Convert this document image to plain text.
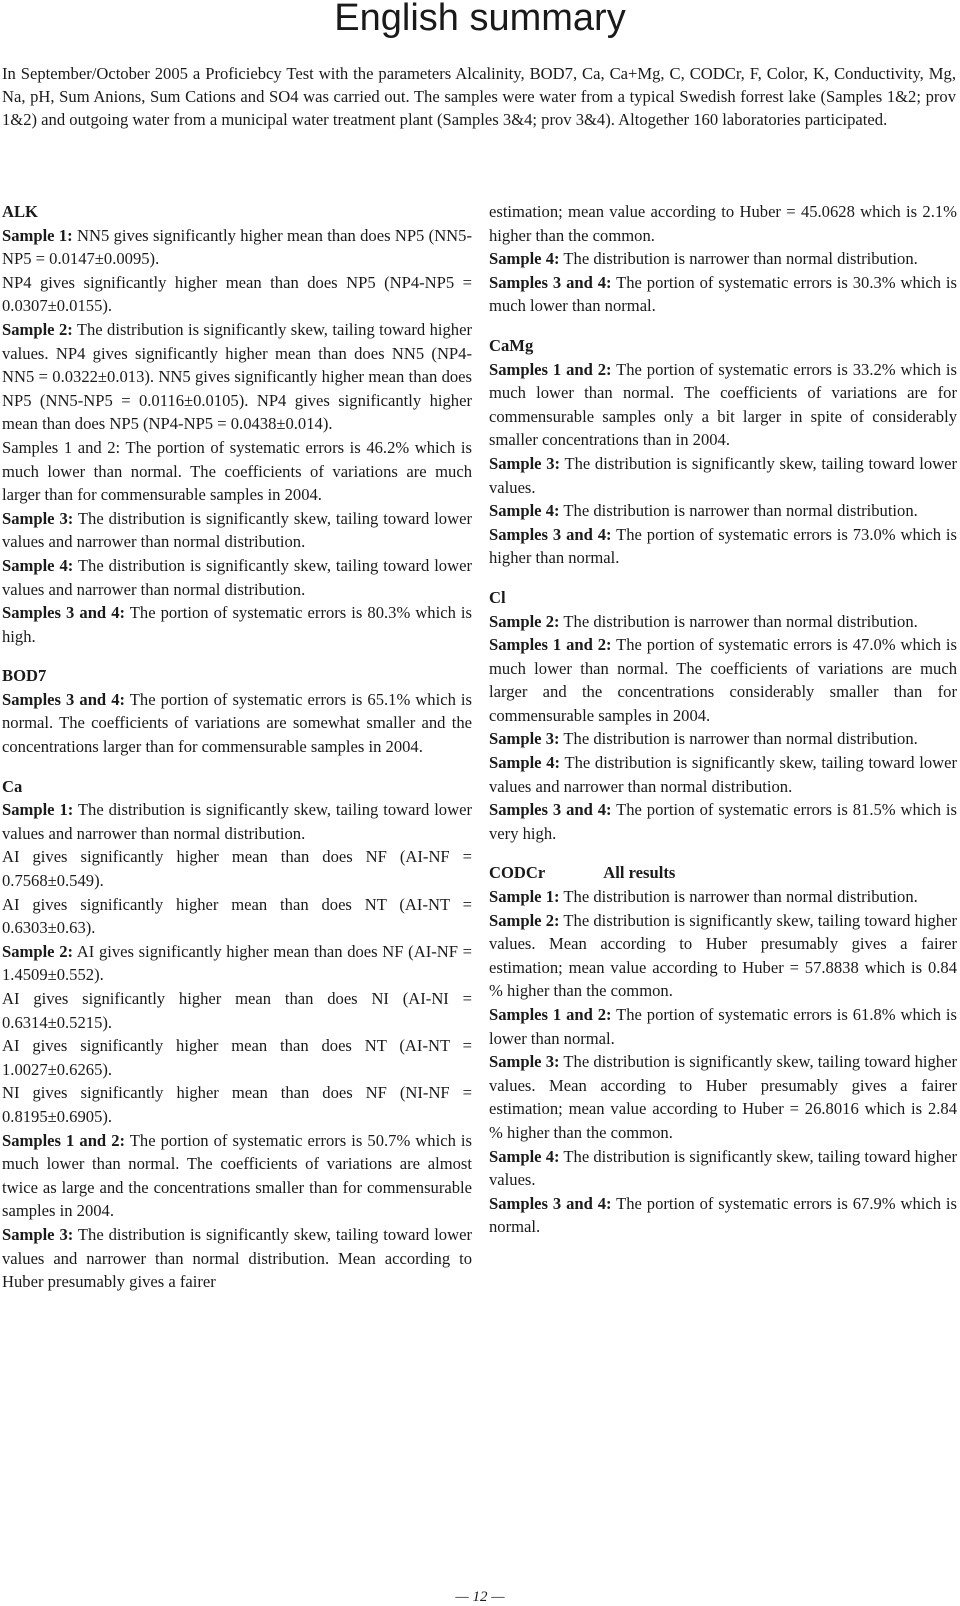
English summary

In September/October 2005 a Proficiebcy Test with the parameters Alcalinity, BOD7, Ca, Ca+Mg, C, CODCr, F, Color, K, Conductivity, Mg, Na, pH, Sum Anions, Sum Cations and SO4 was carried out. The samples were water from a typical Swedish forrest lake (Samples 1&2; prov 1&2) and outgoing water from a municipal water treatment plant (Samples 3&4; prov 3&4). Altogether 160 laboratories participated.

ALK

Sample 1: NN5 gives significantly higher mean than does NP5 (NN5-NP5 = 0.0147±0.0095).

NP4 gives significantly higher mean than does NP5 (NP4-NP5 = 0.0307±0.0155).

Sample 2: The distribution is significantly skew, tailing toward higher values. NP4 gives significantly higher mean than does NN5 (NP4-NN5 = 0.0322±0.013). NN5 gives significantly higher mean than does NP5 (NN5-NP5 = 0.0116±0.0105). NP4 gives significantly higher mean than does NP5 (NP4-NP5 = 0.0438±0.014).

Samples 1 and 2: The portion of systematic errors is 46.2% which is much lower than normal. The coefficients of variations are much larger than for commensurable samples in 2004.

Sample 3: The distribution is significantly skew, tailing toward lower values and narrower than normal distribution.

Sample 4: The distribution is significantly skew, tailing toward lower values and narrower than normal distribution.

Samples 3 and 4: The portion of systematic errors is 80.3% which is high.

BOD7

Samples 3 and 4: The portion of systematic errors is 65.1% which is normal. The coefficients of variations are somewhat smaller and the concentrations larger than for commensurable samples in 2004.

Ca

Sample 1: The distribution is significantly skew, tailing toward lower values and narrower than normal distribution.

AI gives significantly higher mean than does NF (AI-NF = 0.7568±0.549).

AI gives significantly higher mean than does NT (AI-NT = 0.6303±0.63).

Sample 2: AI gives significantly higher mean than does NF (AI-NF = 1.4509±0.552).

AI gives significantly higher mean than does NI (AI-NI = 0.6314±0.5215).

AI gives significantly higher mean than does NT (AI-NT = 1.0027±0.6265).

NI gives significantly higher mean than does NF (NI-NF = 0.8195±0.6905).

Samples 1 and 2: The portion of systematic errors is 50.7% which is much lower than normal. The coefficients of variations are almost twice as large and the concentrations smaller than for commensurable samples in 2004.

Sample 3: The distribution is significantly skew, tailing toward lower values and narrower than normal distribution. Mean according to Huber presumably gives a fairer

estimation; mean value according to Huber = 45.0628 which is 2.1% higher than the common.

Sample 4: The distribution is narrower than normal distribution.

Samples 3 and 4: The portion of systematic errors is 30.3% which is much lower than normal.

CaMg

Samples 1 and 2: The portion of systematic errors is 33.2% which is much lower than normal. The coefficients of variations are for commensurable samples only a bit larger in spite of considerably smaller concentrations than in 2004.

Sample 3: The distribution is significantly skew, tailing toward lower values.

Sample 4: The distribution is narrower than normal distribution.

Samples 3 and 4: The portion of systematic errors is 73.0% which is higher than normal.

Cl

Sample 2: The distribution is narrower than normal distribution.

Samples 1 and 2: The portion of systematic errors is 47.0% which is much lower than normal. The coefficients of variations are much larger and the concentrations considerably smaller than for commensurable samples in 2004.

Sample 3: The distribution is narrower than normal distribution.

Sample 4: The distribution is significantly skew, tailing toward lower values and narrower than normal distribution.

Samples 3 and 4: The portion of systematic errors is 81.5% which is very high.

CODCr	All results

Sample 1: The distribution is narrower than normal distribution.

Sample 2: The distribution is significantly skew, tailing toward higher values. Mean according to Huber presumably gives a fairer estimation; mean value according to Huber = 57.8838 which is 0.84 % higher than the common.

Samples 1 and 2: The portion of systematic errors is 61.8% which is lower than normal.

Sample 3: The distribution is significantly skew, tailing toward higher values. Mean according to Huber presumably gives a fairer estimation; mean value according to Huber = 26.8016 which is 2.84 % higher than the common.

Sample 4: The distribution is significantly skew, tailing toward higher values.

Samples 3 and 4: The portion of systematic errors is 67.9% which is normal.

— 12 —
